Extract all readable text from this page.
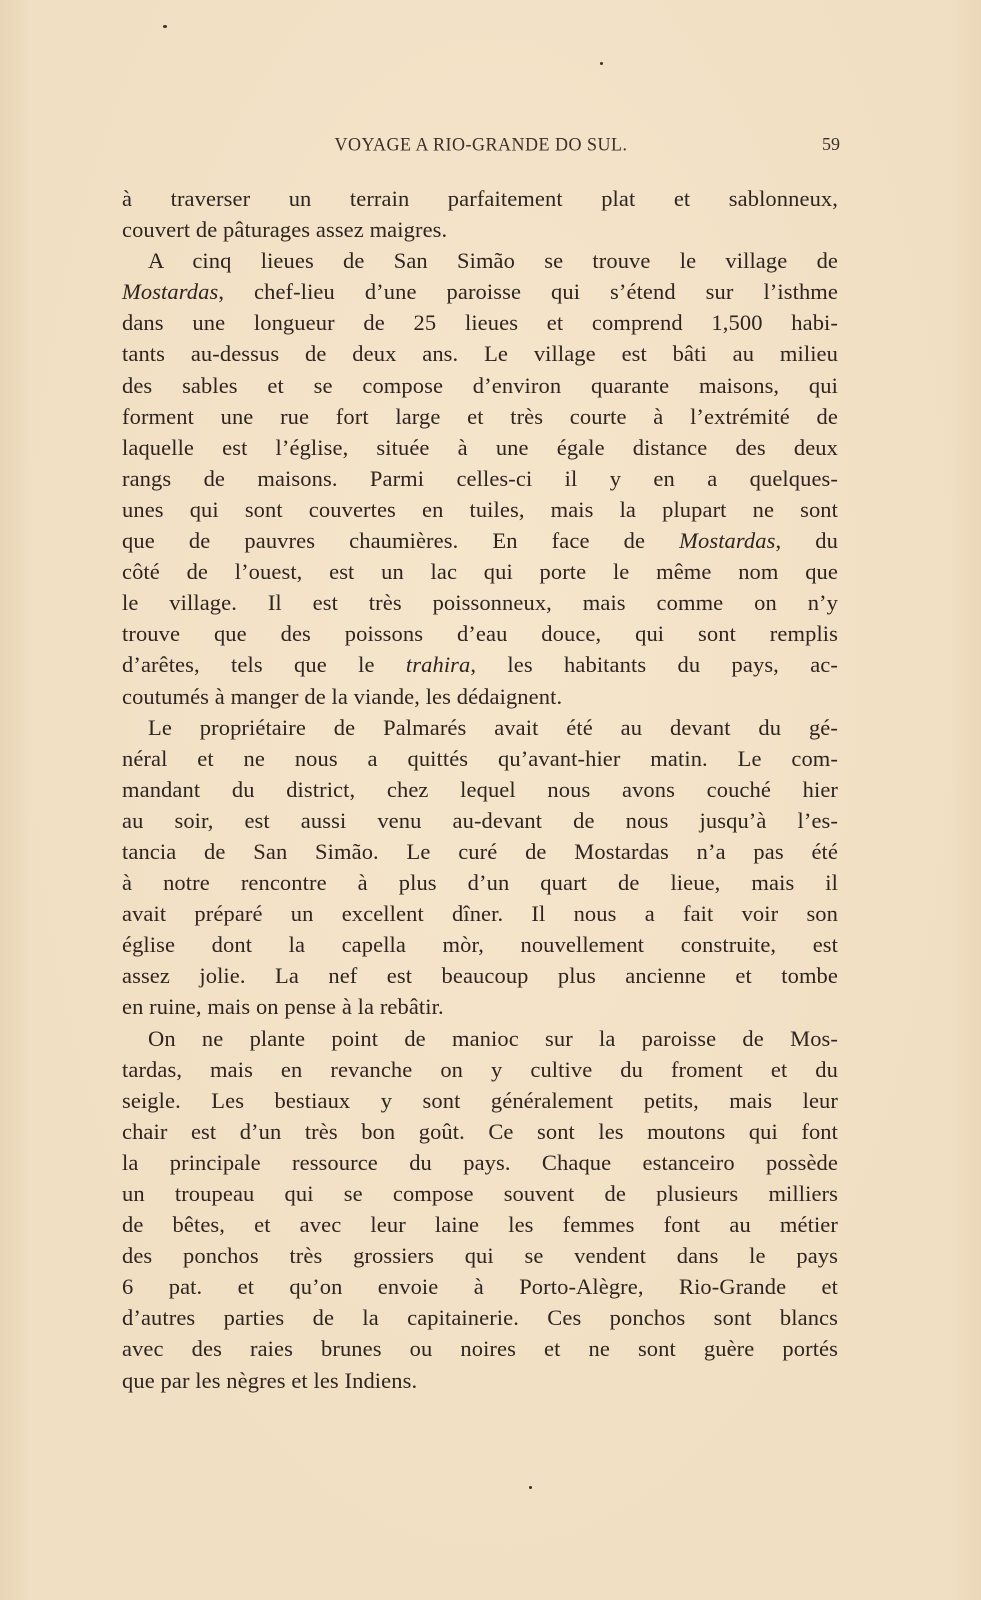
VOYAGE A RIO-GRANDE DO SUL.	59
à traverser un terrain parfaitement plat et sablonneux,
couvert de pâturages assez maigres.
A cinq lieues de San Simão se trouve le village de
Mostardas, chef-lieu d’une paroisse qui s’étend sur l’isthme
dans une longueur de 25 lieues et comprend 1,500 habi-
tants au-dessus de deux ans. Le village est bâti au milieu
des sables et se compose d’environ quarante maisons, qui
forment une rue fort large et très courte à l’extrémité de
laquelle est l’église, située à une égale distance des deux
rangs de maisons. Parmi celles-ci il y en a quelques-
unes qui sont couvertes en tuiles, mais la plupart ne sont
que de pauvres chaumières. En face de Mostardas, du
côté de l’ouest, est un lac qui porte le même nom que
le village. Il est très poissonneux, mais comme on n’y
trouve que des poissons d’eau douce, qui sont remplis
d’arêtes, tels que le trahira, les habitants du pays, ac-
coutumés à manger de la viande, les dédaignent.
Le propriétaire de Palmarés avait été au devant du gé-
néral et ne nous a quittés qu’avant-hier matin. Le com-
mandant du district, chez lequel nous avons couché hier
au soir, est aussi venu au-devant de nous jusqu’à l’es-
tancia de San Simão. Le curé de Mostardas n’a pas été
à notre rencontre à plus d’un quart de lieue, mais il
avait préparé un excellent dîner. Il nous a fait voir son
église dont la capella mòr, nouvellement construite, est
assez jolie. La nef est beaucoup plus ancienne et tombe
en ruine, mais on pense à la rebâtir.
On ne plante point de manioc sur la paroisse de Mos-
tardas, mais en revanche on y cultive du froment et du
seigle. Les bestiaux y sont généralement petits, mais leur
chair est d’un très bon goût. Ce sont les moutons qui font
la principale ressource du pays. Chaque estanceiro possède
un troupeau qui se compose souvent de plusieurs milliers
de bêtes, et avec leur laine les femmes font au métier
des ponchos très grossiers qui se vendent dans le pays
6 pat. et qu’on envoie à Porto-Alègre, Rio-Grande et
d’autres parties de la capitainerie. Ces ponchos sont blancs
avec des raies brunes ou noires et ne sont guère portés
que par les nègres et les Indiens.
